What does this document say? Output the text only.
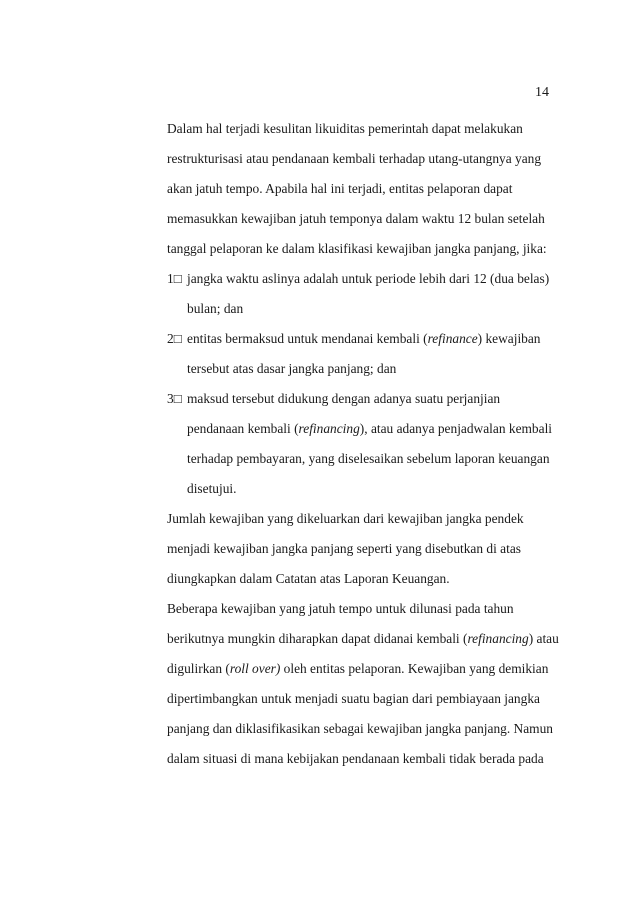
14
Dalam hal terjadi kesulitan likuiditas pemerintah dapat melakukan
restrukturisasi atau pendanaan kembali terhadap utang-utangnya yang
akan jatuh tempo. Apabila hal ini terjadi, entitas pelaporan dapat
memasukkan kewajiban jatuh temponya dalam waktu 12 bulan setelah
tanggal pelaporan ke dalam klasifikasi kewajiban jangka panjang, jika:
1□ jangka waktu aslinya adalah untuk periode lebih dari 12 (dua belas)
bulan; dan
2□ entitas bermaksud untuk mendanai kembali (refinance) kewajiban
tersebut atas dasar jangka panjang; dan
3□ maksud tersebut didukung dengan adanya suatu perjanjian
pendanaan kembali (refinancing), atau adanya penjadwalan kembali
terhadap pembayaran, yang diselesaikan sebelum laporan keuangan
disetujui.
Jumlah kewajiban yang dikeluarkan dari kewajiban jangka pendek
menjadi kewajiban jangka panjang seperti yang disebutkan di atas
diungkapkan dalam Catatan atas Laporan Keuangan.
Beberapa kewajiban yang jatuh tempo untuk dilunasi pada tahun
berikutnya mungkin diharapkan dapat didanai kembali (refinancing) atau
digulirkan (roll over) oleh entitas pelaporan. Kewajiban yang demikian
dipertimbangkan untuk menjadi suatu bagian dari pembiayaan jangka
panjang dan diklasifikasikan sebagai kewajiban jangka panjang. Namun
dalam situasi di mana kebijakan pendanaan kembali tidak berada pada
